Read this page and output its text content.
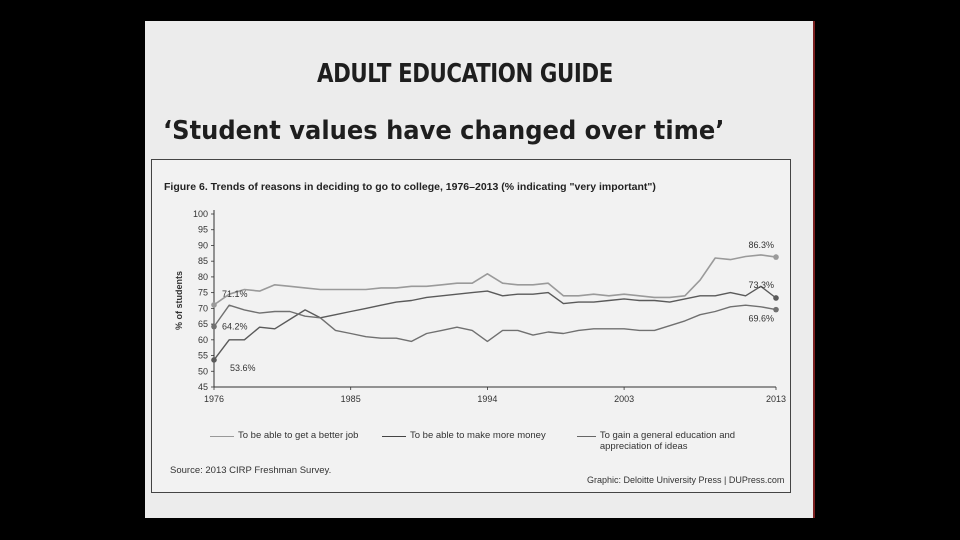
ADULT EDUCATION GUIDE
‘Student values have changed over time’
Figure 6. Trends of reasons in deciding to go to college, 1976–2013 (% indicating "very important")
45
50
55
60
65
70
75
80
85
90
95
100
1976	1985	1994	2003	2013
% of students	71.1%
64.2%
53.6%
86.3%
73.3%
69.6%
To be able to get a better job	To be able to make more money	To gain a general education and appreciation of ideas
Source: 2013 CIRP Freshman Survey.
Graphic: Deloitte University Press | DUPress.com
